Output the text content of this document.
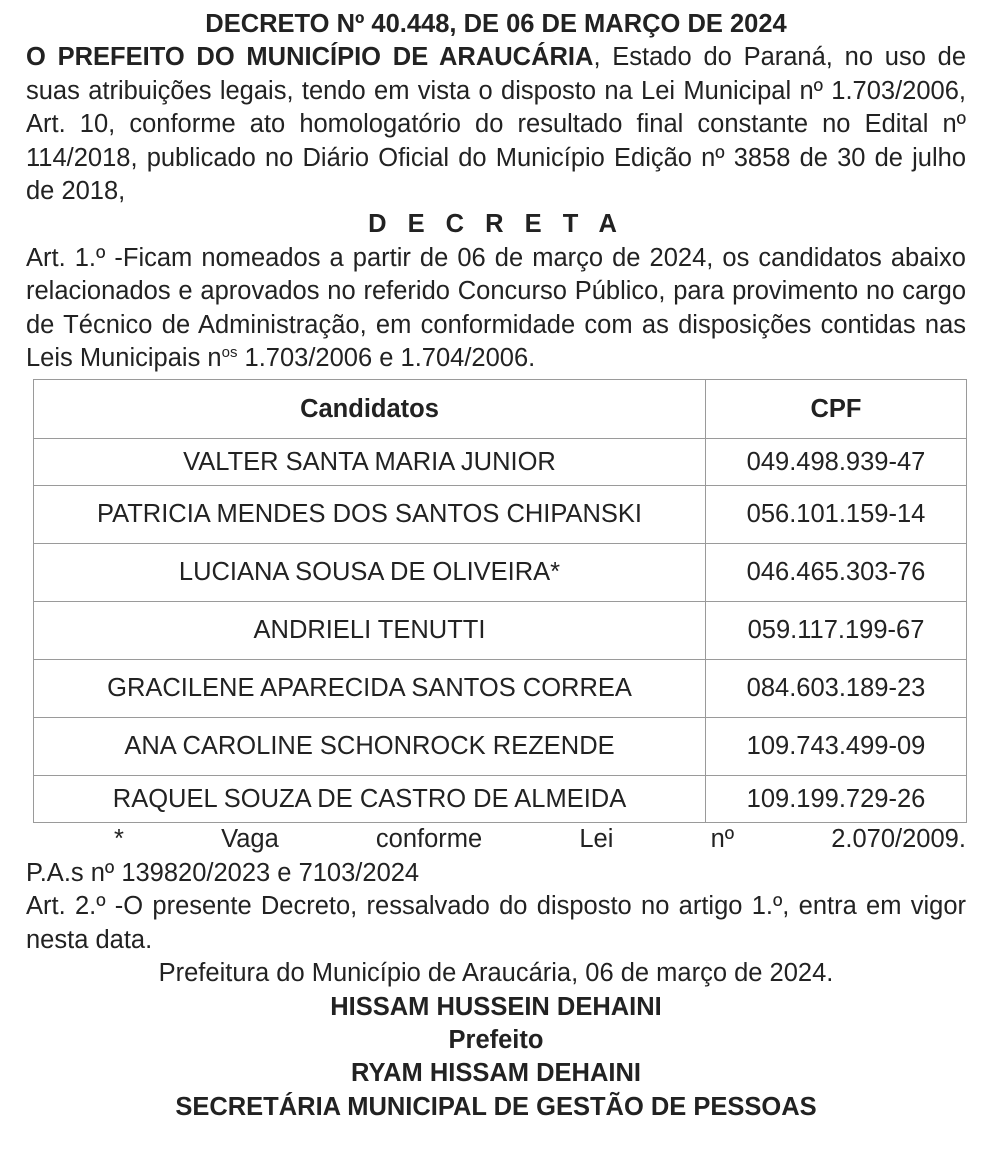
DECRETO Nº 40.448, DE 06 DE MARÇO DE 2024
O PREFEITO DO MUNICÍPIO DE ARAUCÁRIA, Estado do Paraná, no uso de suas atribuições legais, tendo em vista o disposto na Lei Municipal nº 1.703/2006, Art. 10, conforme ato homologatório do resultado final constante no Edital nº 114/2018, publicado no Diário Oficial do Município Edição nº 3858 de 30 de julho de 2018,
D E C R E T A
Art. 1.º -Ficam nomeados a partir de 06 de março de 2024, os candidatos abaixo relacionados e aprovados no referido Concurso Público, para provimento no cargo de Técnico de Administração, em conformidade com as disposições contidas nas Leis Municipais $n^{os}$ 1.703/2006 e 1.704/2006.
Candidatos	CPF
VALTER SANTA MARIA JUNIOR	049.498.939-47
PATRICIA MENDES DOS SANTOS CHIPANSKI	056.101.159-14
LUCIANA SOUSA DE OLIVEIRA*	046.465.303-76
ANDRIELI TENUTTI	059.117.199-67
GRACILENE APARECIDA SANTOS CORREA	084.603.189-23
ANA CAROLINE SCHONROCK REZENDE	109.743.499-09
RAQUEL SOUZA DE CASTRO DE ALMEIDA	109.199.729-26
*	Vaga	conforme	Lei	nº	2.070/2009.
P.A.s nº 139820/2023 e 7103/2024
Art. 2.º -O presente Decreto, ressalvado do disposto no artigo 1.º, entra em vigor nesta data.
Prefeitura do Município de Araucária, 06 de março de 2024.
HISSAM HUSSEIN DEHAINI
Prefeito
RYAM HISSAM DEHAINI
SECRETÁRIA MUNICIPAL DE GESTÃO DE PESSOAS
